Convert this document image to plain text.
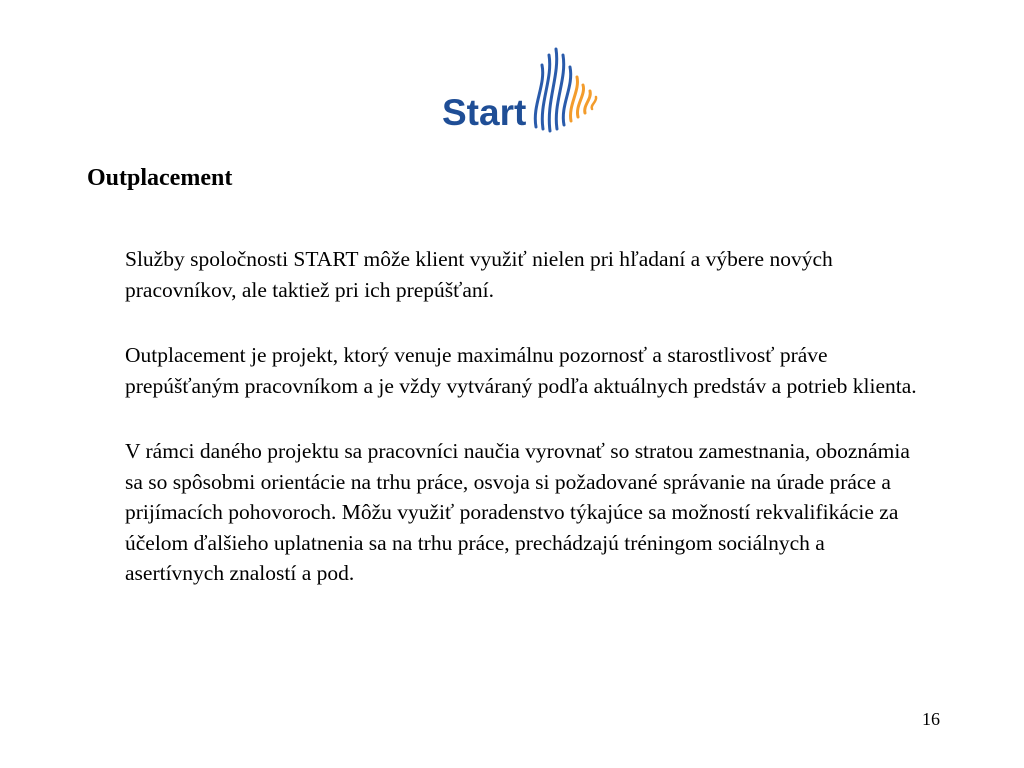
Start
Outplacement

Služby spoločnosti START môže klient využiť nielen pri hľadaní a výbere nových pracovníkov, ale taktiež pri ich prepúšťaní.

Outplacement je projekt, ktorý venuje maximálnu pozornosť a starostlivosť práve prepúšťaným pracovníkom a je vždy vytváraný podľa aktuálnych predstáv a potrieb klienta.

V rámci daného projektu sa pracovníci naučia vyrovnať so stratou zamestnania, oboznámia sa so spôsobmi orientácie na trhu práce, osvoja si požadované správanie na úrade práce a prijímacích pohovoroch. Môžu využiť poradenstvo týkajúce sa možností rekvalifikácie za účelom ďalšieho uplatnenia sa na trhu práce, prechádzajú tréningom sociálnych a asertívnych znalostí a pod.

16
